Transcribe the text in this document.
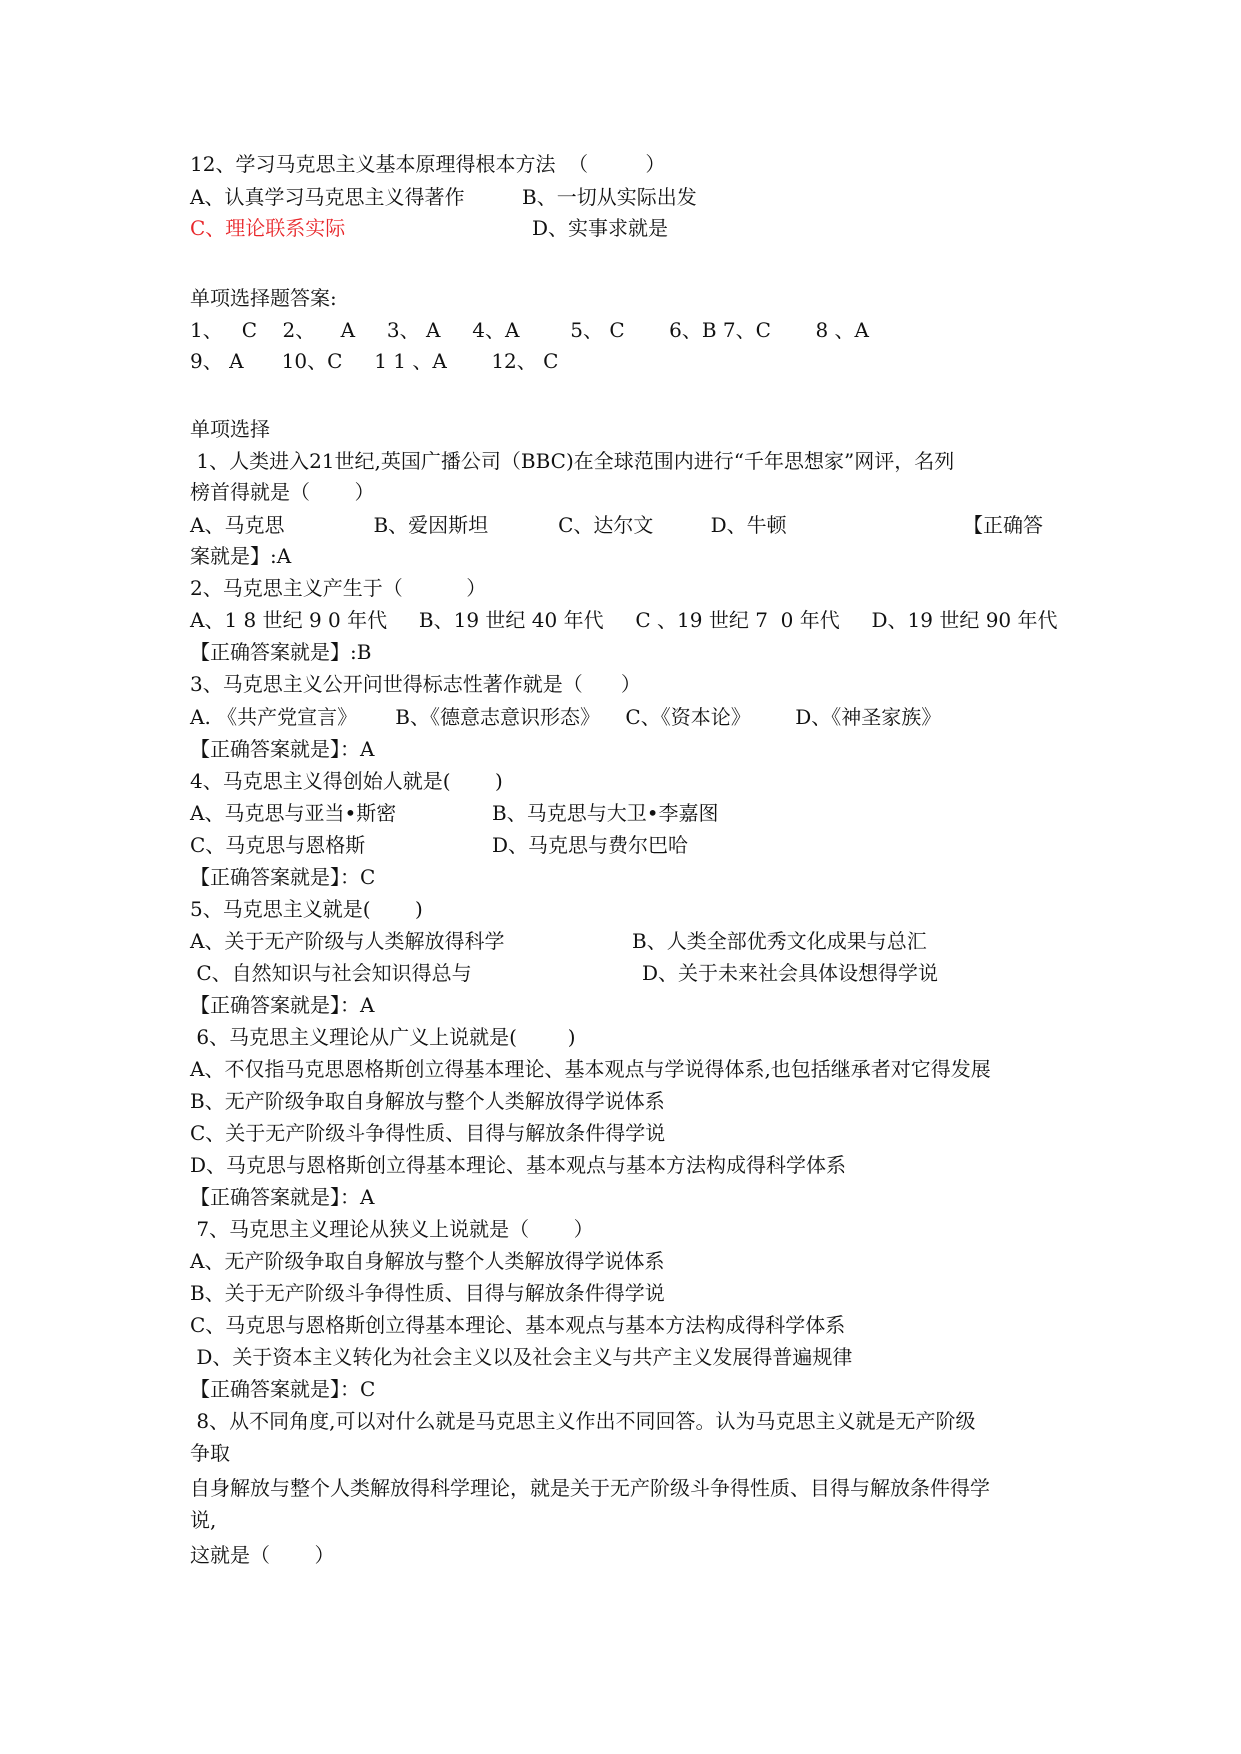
12、学习马克思主义基本原理得根本方法  （         ）

A、认真学习马克思主义得著作	B、一切从实际出发

C、理论联系实际	D、实事求就是

单项选择题答案:

1、   C    2、    A     3、 A     4、A        5、 C       6、B 7、C       8 、A

9、 A      10、C     1 1 、A       12、 C

单项选择

1、人类进入21世纪,英国广播公司（BBC)在全球范围内进行“千年思想家”网评，名列

榜首得就是（       ）

A、马克思              B、爱因斯坦           C、达尔文         D、牛顿	【正确答

案就是】:A

2、马克思主义产生于（          ）

A、1 8 世纪 9 0 年代     B、19 世纪 40 年代     C 、19 世纪 7  0 年代     D、19 世纪 90 年代

【正确答案就是】:B

3、马克思主义公开问世得标志性著作就是（      ）

A. 《共产党宣言》      B、《德意志意识形态》    C、《资本论》       D、《神圣家族》

【正确答案就是】：A

4、马克思主义得创始人就是(       )

A、马克思与亚当•斯密	B、马克思与大卫•李嘉图

C、马克思与恩格斯	D、马克思与费尔巴哈

【正确答案就是】：C

5、马克思主义就是(       )

A、关于无产阶级与人类解放得科学	B、人类全部优秀文化成果与总汇

C、自然知识与社会知识得总与	D、关于未来社会具体设想得学说

【正确答案就是】：A

6、马克思主义理论从广义上说就是(        )

A、不仅指马克思恩格斯创立得基本理论、基本观点与学说得体系,也包括继承者对它得发展

B、无产阶级争取自身解放与整个人类解放得学说体系

C、关于无产阶级斗争得性质、目得与解放条件得学说

D、马克思与恩格斯创立得基本理论、基本观点与基本方法构成得科学体系

【正确答案就是】：A

7、马克思主义理论从狭义上说就是（       ）

A、无产阶级争取自身解放与整个人类解放得学说体系

B、关于无产阶级斗争得性质、目得与解放条件得学说

C、马克思与恩格斯创立得基本理论、基本观点与基本方法构成得科学体系

D、关于资本主义转化为社会主义以及社会主义与共产主义发展得普遍规律

【正确答案就是】：C

8、从不同角度,可以对什么就是马克思主义作出不同回答。认为马克思主义就是无产阶级

争取

自身解放与整个人类解放得科学理论，就是关于无产阶级斗争得性质、目得与解放条件得学

说,

这就是（       ）
